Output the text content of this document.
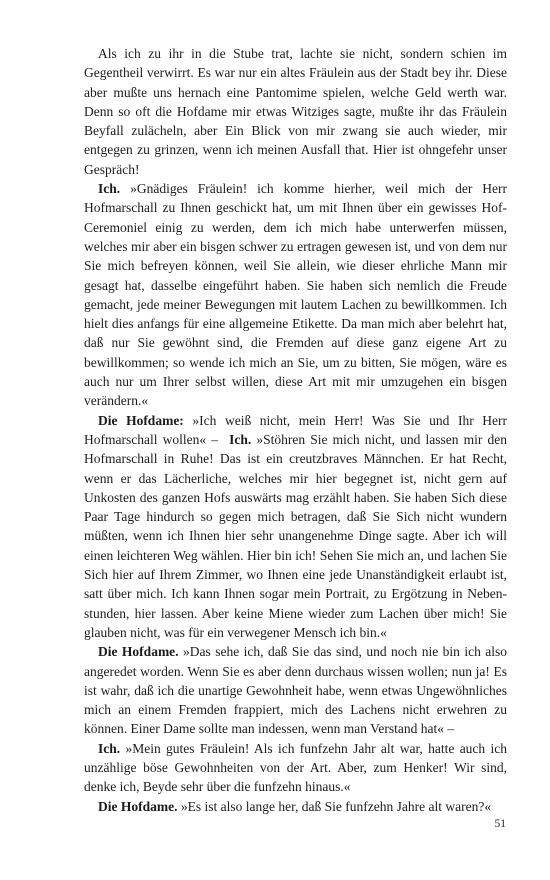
Als ich zu ihr in die Stube trat, lachte sie nicht, sondern schien im Gegentheil verwirrt. Es war nur ein altes Fräulein aus der Stadt bey ihr. Diese aber mußte uns hernach eine Pantomime spielen, welche Geld werth war. Denn so oft die Hofdame mir etwas Witziges sagte, mußte ihr das Fräulein Beyfall zulächeln, aber Ein Blick von mir zwang sie auch wieder, mir entgegen zu grinzen, wenn ich meinen Ausfall that. Hier ist ohngefehr unser Gespräch!

Ich. »Gnädiges Fräulein! ich komme hierher, weil mich der Herr Hofmarschall zu Ihnen geschickt hat, um mit Ihnen über ein gewisses Hof-Ceremoniel einig zu werden, dem ich mich habe unterwerfen müssen, welches mir aber ein bisgen schwer zu ertragen gewesen ist, und von dem nur Sie mich befreyen können, weil Sie allein, wie dieser ehrliche Mann mir gesagt hat, dasselbe eingeführt haben. Sie haben sich nemlich die Freude gemacht, jede meiner Bewegungen mit lautem Lachen zu bewillkommen. Ich hielt dies anfangs für eine allgemeine Etikette. Da man mich aber belehrt hat, daß nur Sie gewöhnt sind, die Fremden auf diese ganz eigene Art zu bewillkommen; so wende ich mich an Sie, um zu bitten, Sie mögen, wäre es auch nur um Ihrer selbst willen, diese Art mit mir umzugehen ein bisgen verändern.«

Die Hofdame: »Ich weiß nicht, mein Herr! Was Sie und Ihr Herr Hofmarschall wollen« – Ich. »Stöhren Sie mich nicht, und lassen mir den Hofmarschall in Ruhe! Das ist ein creutzbraves Männchen. Er hat Recht, wenn er das Lächerliche, welches mir hier begegnet ist, nicht gern auf Unkosten des ganzen Hofs auswärts mag erzählt haben. Sie haben Sich diese Paar Tage hindurch so gegen mich betragen, daß Sie Sich nicht wundern müßten, wenn ich Ihnen hier sehr unangenehme Dinge sagte. Aber ich will einen leichteren Weg wählen. Hier bin ich! Sehen Sie mich an, und lachen Sie Sich hier auf Ihrem Zimmer, wo Ihnen eine jede Unanständigkeit erlaubt ist, satt über mich. Ich kann Ihnen sogar mein Portrait, zu Ergötzung in Nebenstunden, hier lassen. Aber keine Miene wieder zum Lachen über mich! Sie glauben nicht, was für ein verwegener Mensch ich bin.«

Die Hofdame. »Das sehe ich, daß Sie das sind, und noch nie bin ich also angeredet worden. Wenn Sie es aber denn durchaus wissen wollen; nun ja! Es ist wahr, daß ich die unartige Gewohnheit habe, wenn etwas Ungewöhnliches mich an einem Fremden frappiert, mich des Lachens nicht erwehren zu können. Einer Dame sollte man indessen, wenn man Verstand hat« –

Ich. »Mein gutes Fräulein! Als ich funfzehn Jahr alt war, hatte auch ich unzählige böse Gewohnheiten von der Art. Aber, zum Henker! Wir sind, denke ich, Beyde sehr über die funfzehn hinaus.«

Die Hofdame. »Es ist also lange her, daß Sie funfzehn Jahre alt waren?«

51
